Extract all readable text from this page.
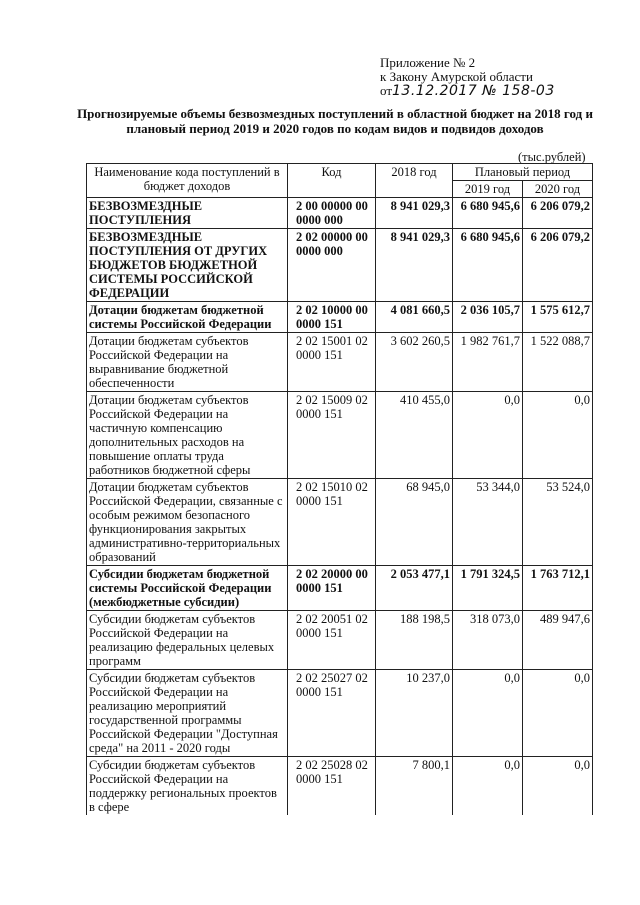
Приложение № 2
к Закону Амурской области
от13.12.2017 № 158-03
Прогнозируемые объемы безвозмездных поступлений в областной бюджет на 2018 год и плановый период 2019 и 2020 годов по кодам видов и подвидов доходов
(тыс.рублей)
Наименование кода поступлений в бюджет доходов	Код	2018 год	Плановый период	
			2019 год	2020 год
БЕЗВОЗМЕЗДНЫЕ ПОСТУПЛЕНИЯ	2 00 00000 00 0000 000	8 941 029,3	6 680 945,6	6 206 079,2
БЕЗВОЗМЕЗДНЫЕ ПОСТУПЛЕНИЯ ОТ ДРУГИХ БЮДЖЕТОВ БЮДЖЕТНОЙ СИСТЕМЫ РОССИЙСКОЙ ФЕДЕРАЦИИ	2 02 00000 00 0000 000	8 941 029,3	6 680 945,6	6 206 079,2
Дотации бюджетам бюджетной системы Российской Федерации	2 02 10000 00 0000 151	4 081 660,5	2 036 105,7	1 575 612,7
Дотации бюджетам субъектов Российской Федерации на выравнивание бюджетной обеспеченности	2 02 15001 02 0000 151	3 602 260,5	1 982 761,7	1 522 088,7
Дотации бюджетам субъектов Российской Федерации на частичную компенсацию дополнительных расходов на повышение оплаты труда работников бюджетной сферы	2 02 15009 02 0000 151	410 455,0	0,0	0,0
Дотации бюджетам субъектов Российской Федерации, связанные с особым режимом безопасного функционирования закрытых административно-территориальных образований	2 02 15010 02 0000 151	68 945,0	53 344,0	53 524,0
Субсидии бюджетам бюджетной системы Российской Федерации (межбюджетные субсидии)	2 02 20000 00 0000 151	2 053 477,1	1 791 324,5	1 763 712,1
Субсидии бюджетам субъектов Российской Федерации на реализацию федеральных целевых программ	2 02 20051 02 0000 151	188 198,5	318 073,0	489 947,6
Субсидии бюджетам субъектов Российской Федерации на реализацию мероприятий государственной программы Российской Федерации "Доступная среда" на 2011 - 2020 годы	2 02 25027 02 0000 151	10 237,0	0,0	0,0
Субсидии бюджетам субъектов Российской Федерации на поддержку региональных проектов в сфере	2 02 25028 02 0000 151	7 800,1	0,0	0,0
